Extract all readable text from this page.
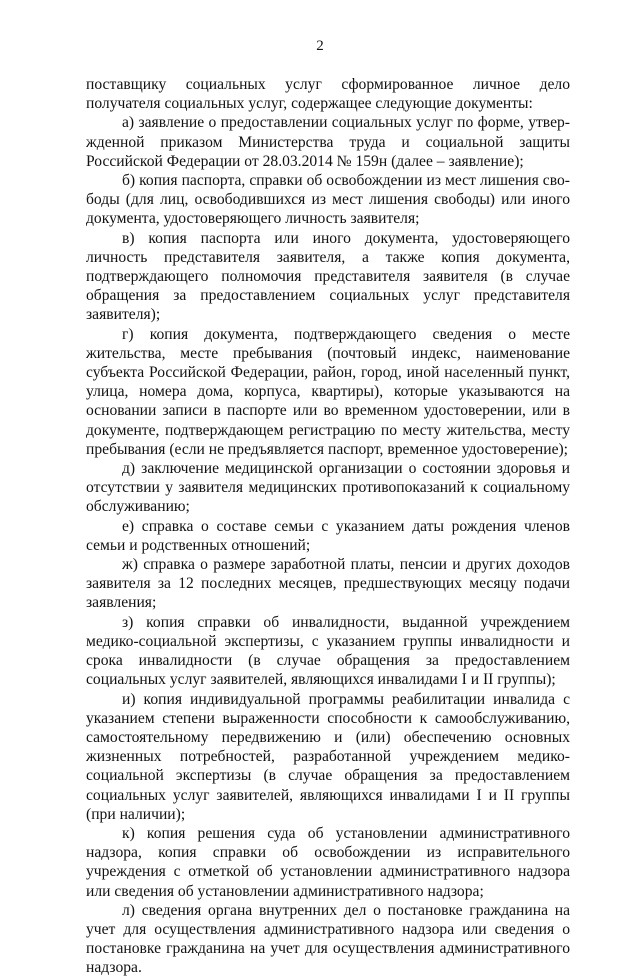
2

поставщику социальных услуг сформированное личное дело получателя социальных услуг, содержащее следующие документы:

а) заявление о предоставлении социальных услуг по форме, утвержденной приказом Министерства труда и социальной защиты Российской Федерации от 28.03.2014 № 159н (далее – заявление);

б) копия паспорта, справки об освобождении из мест лишения свободы (для лиц, освободившихся из мест лишения свободы) или иного документа, удостоверяющего личность заявителя;

в) копия паспорта или иного документа, удостоверяющего личность представителя заявителя, а также копия документа, подтверждающего полномочия представителя заявителя (в случае обращения за предоставлением социальных услуг представителя заявителя);

г) копия документа, подтверждающего сведения о месте жительства, месте пребывания (почтовый индекс, наименование субъекта Российской Федерации, район, город, иной населенный пункт, улица, номера дома, корпуса, квартиры), которые указываются на основании записи в паспорте или во временном удостоверении, или в документе, подтверждающем регистрацию по месту жительства, месту пребывания (если не предъявляется паспорт, временное удостоверение);

д) заключение медицинской организации о состоянии здоровья и отсутствии у заявителя медицинских противопоказаний к социальному обслуживанию;

е) справка о составе семьи с указанием даты рождения членов семьи и родственных отношений;

ж) справка о размере заработной платы, пенсии и других доходов заявителя за 12 последних месяцев, предшествующих месяцу подачи заявления;

з) копия справки об инвалидности, выданной учреждением медико-социальной экспертизы, с указанием группы инвалидности и срока инвалидности (в случае обращения за предоставлением социальных услуг заявителей, являющихся инвалидами I и II группы);

и) копия индивидуальной программы реабилитации инвалида с указанием степени выраженности способности к самообслуживанию, самостоятельному передвижению и (или) обеспечению основных жизненных потребностей, разработанной учреждением медико-социальной экспертизы (в случае обращения за предоставлением социальных услуг заявителей, являющихся инвалидами I и II группы (при наличии);

к) копия решения суда об установлении административного надзора, копия справки об освобождении из исправительного учреждения с отметкой об установлении административного надзора или сведения об установлении административного надзора;

л) сведения органа внутренних дел о постановке гражданина на учет для осуществления административного надзора или сведения о постановке гражданина на учет для осуществления административного надзора.
